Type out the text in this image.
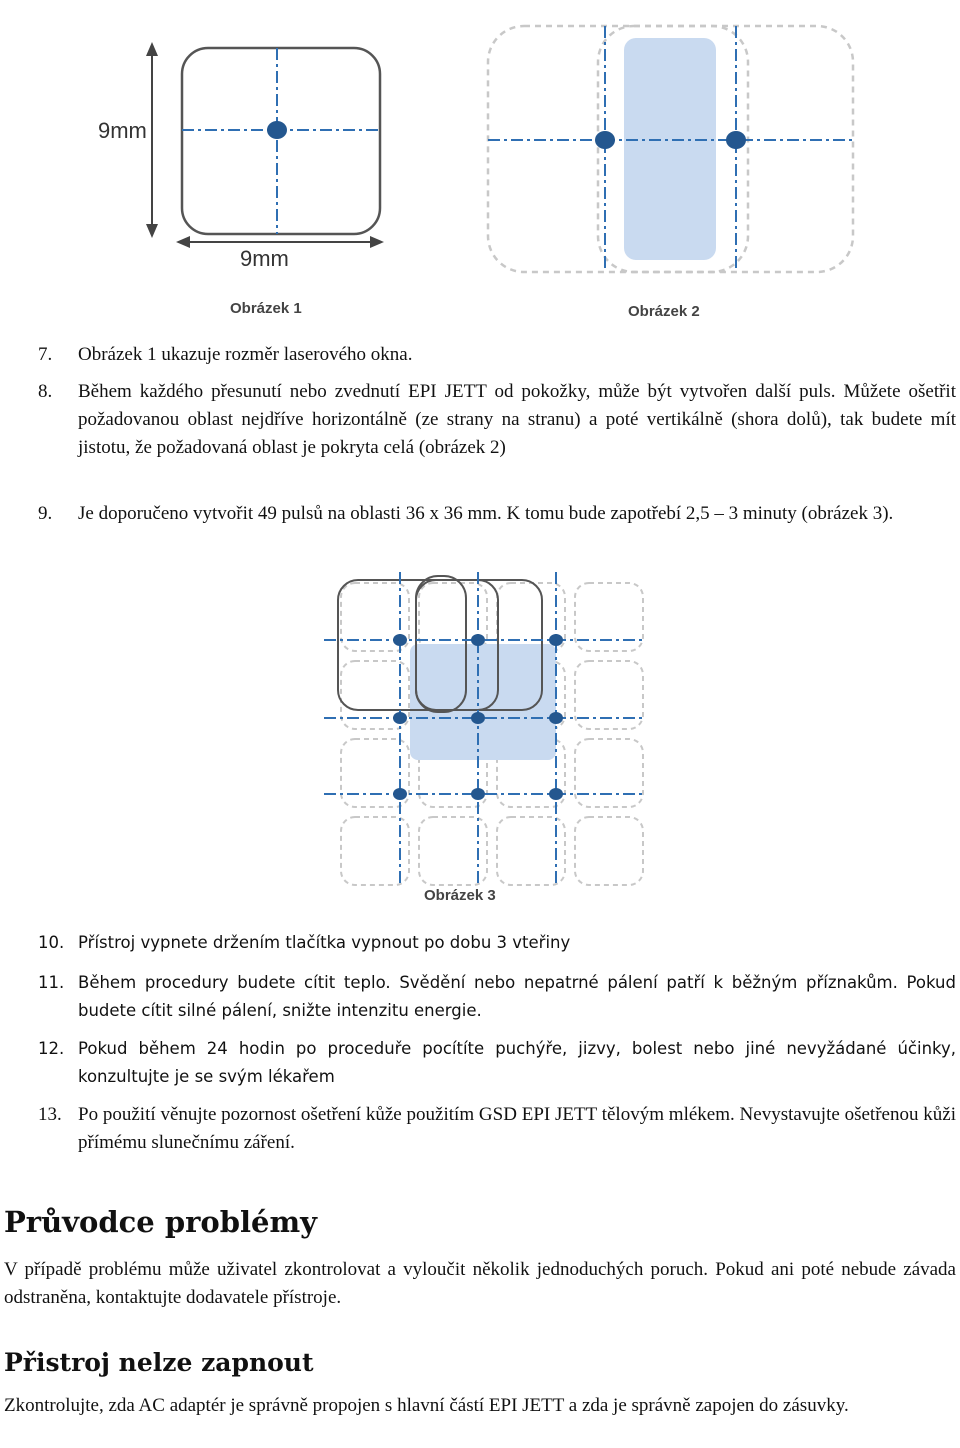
9mm
9mm
Obrázek 1	Obrázek 2
7. Obrázek 1 ukazuje rozměr laserového okna.
8. Během každého přesunutí nebo zvednutí EPI JETT od pokožky, může být vytvořen další puls. Můžete ošetřit požadovanou oblast nejdříve horizontálně (ze strany na stranu) a poté vertikálně (shora dolů), tak budete mít jistotu, že požadovaná oblast je pokryta celá (obrázek 2)
9. Je doporučeno vytvořit 49 pulsů na oblasti 36 x 36 mm. K tomu bude zapotřebí 2,5 – 3 minuty (obrázek 3).
Obrázek 3
10. Přístroj vypnete držením tlačítka vypnout po dobu 3 vteřiny
11. Během procedury budete cítit teplo. Svědění nebo nepatrné pálení patří k běžným příznakům. Pokud budete cítit silné pálení, snižte intenzitu energie.
12. Pokud během 24 hodin po proceduře pocítíte puchýře, jizvy, bolest nebo jiné nevyžádané účinky, konzultujte je se svým lékařem
13. Po použití věnujte pozornost ošetření kůže použitím GSD EPI JETT tělovým mlékem. Nevystavujte ošetřenou kůži přímému slunečnímu záření.
Průvodce problémy
V případě problému může uživatel zkontrolovat a vyloučit několik jednoduchých poruch. Pokud ani poté nebude závada odstraněna, kontaktujte dodavatele přístroje.
Přistroj nelze zapnout
Zkontrolujte, zda AC adaptér je správně propojen s hlavní částí EPI JETT a zda je správně zapojen do zásuvky.
